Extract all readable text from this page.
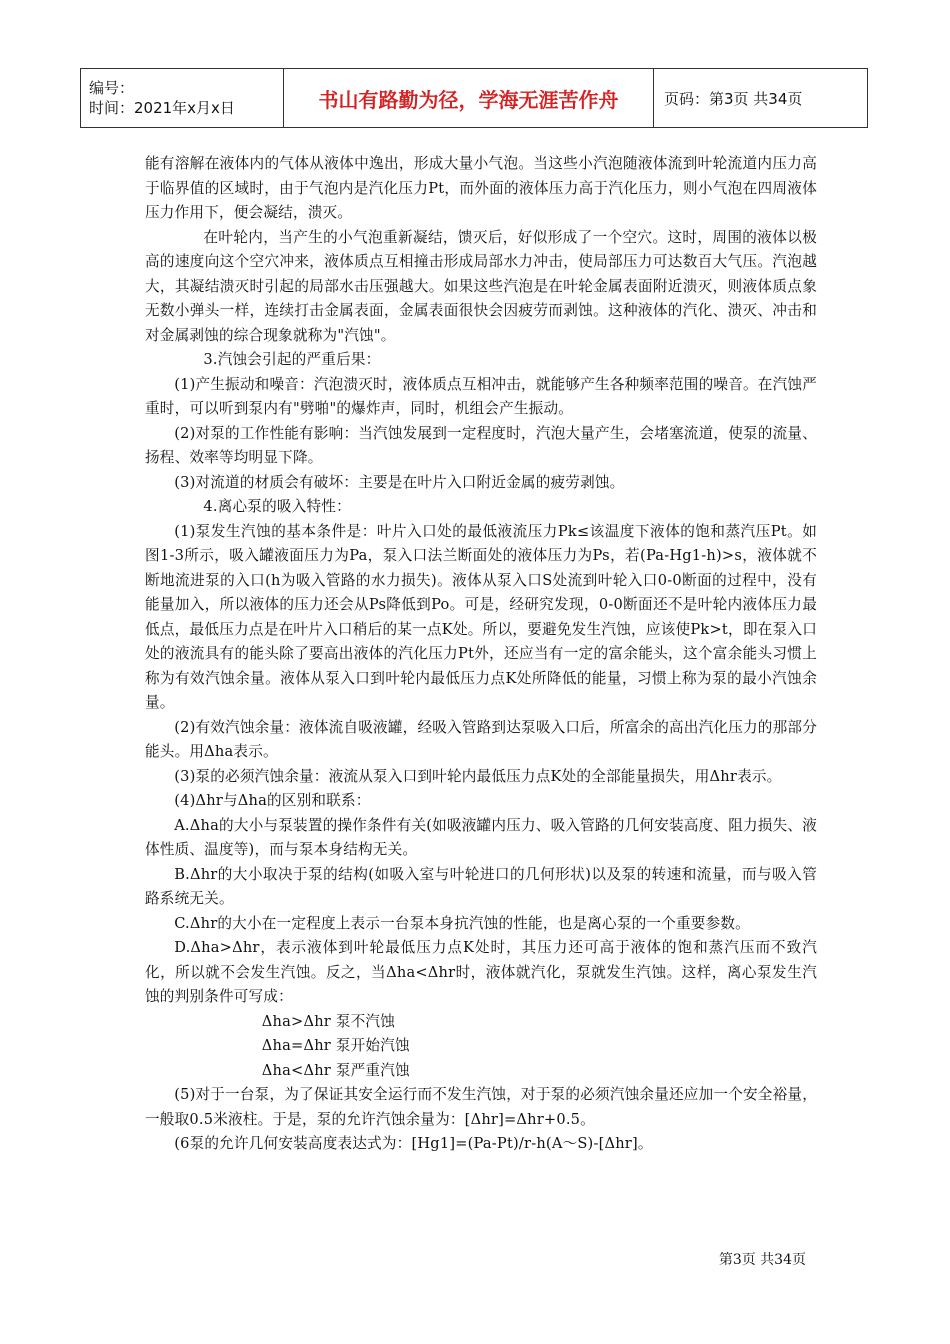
编号：
时间：2021年x月x日	书山有路勤为径，学海无涯苦作舟	页码：第3页 共34页

能有溶解在液体内的气体从液体中逸出，形成大量小气泡。当这些小汽泡随液体流到叶轮流道内压力高于临界值的区域时，由于气泡内是汽化压力Pt，而外面的液体压力高于汽化压力，则小气泡在四周液体压力作用下，便会凝结，溃灭。

在叶轮内，当产生的小气泡重新凝结，馈灭后，好似形成了一个空穴。这时，周围的液体以极高的速度向这个空穴冲来，液体质点互相撞击形成局部水力冲击，使局部压力可达数百大气压。汽泡越大，其凝结溃灭时引起的局部水击压强越大。如果这些汽泡是在叶轮金属表面附近溃灭，则液体质点象无数小弹头一样，连续打击金属表面，金属表面很快会因疲劳而剥蚀。这种液体的汽化、溃灭、冲击和对金属剥蚀的综合现象就称为"汽蚀"。

3.汽蚀会引起的严重后果：

(1)产生振动和噪音：汽泡溃灭时，液体质点互相冲击，就能够产生各种频率范围的噪音。在汽蚀严重时，可以听到泵内有"劈啪"的爆炸声，同时，机组会产生振动。

(2)对泵的工作性能有影响：当汽蚀发展到一定程度时，汽泡大量产生，会堵塞流道，使泵的流量、扬程、效率等均明显下降。

(3)对流道的材质会有破坏：主要是在叶片入口附近金属的疲劳剥蚀。

4.离心泵的吸入特性：

(1)泵发生汽蚀的基本条件是：叶片入口处的最低液流压力Pk≤该温度下液体的饱和蒸汽压Pt。如图1-3所示，吸入罐液面压力为Pa，泵入口法兰断面处的液体压力为Ps，若(Pa-Hg1-h)>s，液体就不断地流进泵的入口(h为吸入管路的水力损失)。液体从泵入口S处流到叶轮入口0-0断面的过程中，没有能量加入，所以液体的压力还会从Ps降低到Po。可是，经研究发现，0-0断面还不是叶轮内液体压力最低点，最低压力点是在叶片入口稍后的某一点K处。所以，要避免发生汽蚀，应该使Pk>t，即在泵入口处的液流具有的能头除了要高出液体的汽化压力Pt外，还应当有一定的富余能头，这个富余能头习惯上称为有效汽蚀余量。液体从泵入口到叶轮内最低压力点K处所降低的能量，习惯上称为泵的最小汽蚀余量。

(2)有效汽蚀余量：液体流自吸液罐，经吸入管路到达泵吸入口后，所富余的高出汽化压力的那部分能头。用Δha表示。

(3)泵的必须汽蚀余量：液流从泵入口到叶轮内最低压力点K处的全部能量损失，用Δhr表示。

(4)Δhr与Δha的区别和联系：

A.Δha的大小与泵装置的操作条件有关(如吸液罐内压力、吸入管路的几何安装高度、阻力损失、液体性质、温度等)，而与泵本身结构无关。

B.Δhr的大小取决于泵的结构(如吸入室与叶轮进口的几何形状)以及泵的转速和流量，而与吸入管路系统无关。

C.Δhr的大小在一定程度上表示一台泵本身抗汽蚀的性能，也是离心泵的一个重要参数。

D.Δha>Δhr，表示液体到叶轮最低压力点K处时，其压力还可高于液体的饱和蒸汽压而不致汽化，所以就不会发生汽蚀。反之，当Δha<Δhr时，液体就汽化，泵就发生汽蚀。这样，离心泵发生汽蚀的判别条件可写成：

Δha>Δhr 泵不汽蚀

Δha=Δhr 泵开始汽蚀

Δha<Δhr 泵严重汽蚀

(5)对于一台泵，为了保证其安全运行而不发生汽蚀，对于泵的必须汽蚀余量还应加一个安全裕量，一般取0.5米液柱。于是，泵的允许汽蚀余量为：[Δhr]=Δhr+0.5。

(6泵的允许几何安装高度表达式为：[Hg1]=(Pa-Pt)/r-h(A～S)-[Δhr]。

第3页 共34页
